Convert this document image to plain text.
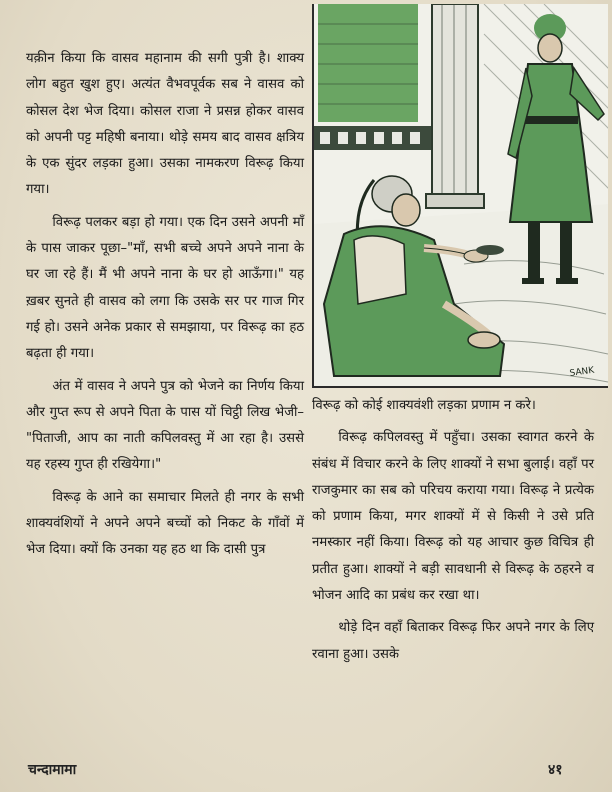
SANK

यक़ीन किया कि वासव महानाम की सगी पुत्री है। शाक्य लोग बहुत खुश हुए। अत्यंत वैभवपूर्वक सब ने वासव को कोसल देश भेज दिया। कोसल राजा ने प्रसन्न होकर वासव को अपनी पट्ट महिषी बनाया। थोड़े समय बाद वासव क्षत्रिय के एक सुंदर लड़का हुआ। उसका नामकरण विरूढ़ किया गया।

विरूढ़ पलकर बड़ा हो गया। एक दिन उसने अपनी माँ के पास जाकर पूछा–"माँ, सभी बच्चे अपने अपने नाना के घर जा रहे हैं। मैं भी अपने नाना के घर हो आऊँगा।" यह ख़बर सुनते ही वासव को लगा कि उसके सर पर गाज गिर गई हो। उसने अनेक प्रकार से समझाया, पर विरूढ़ का हठ बढ़ता ही गया।

अंत में वासव ने अपने पुत्र को भेजने का निर्णय किया और गुप्त रूप से अपने पिता के पास यों चिट्ठी लिख भेजी– "पिताजी, आप का नाती कपिलवस्तु में आ रहा है। उससे यह रहस्य गुप्त ही रखियेगा।"

विरूढ़ के आने का समाचार मिलते ही नगर के सभी शाक्यवंशियों ने अपने अपने बच्चों को निकट के गाँवों में भेज दिया। क्यों कि उनका यह हठ था कि दासी पुत्र

विरूढ़ को कोई शाक्यवंशी लड़का प्रणाम न करे।

विरूढ़ कपिलवस्तु में पहुँचा। उसका स्वागत करने के संबंध में विचार करने के लिए शाक्यों ने सभा बुलाई। वहाँ पर राजकुमार का सब को परिचय कराया गया। विरूढ़ ने प्रत्येक को प्रणाम किया, मगर शाक्यों में से किसी ने उसे प्रति नमस्कार नहीं किया। विरूढ़ को यह आचार कुछ विचित्र ही प्रतीत हुआ। शाक्यों ने बड़ी सावधानी से विरूढ़ के ठहरने व भोजन आदि का प्रबंध कर रखा था।

थोड़े दिन वहाँ बिताकर विरूढ़ फिर अपने नगर के लिए रवाना हुआ। उसके

चन्दामामा	४१
